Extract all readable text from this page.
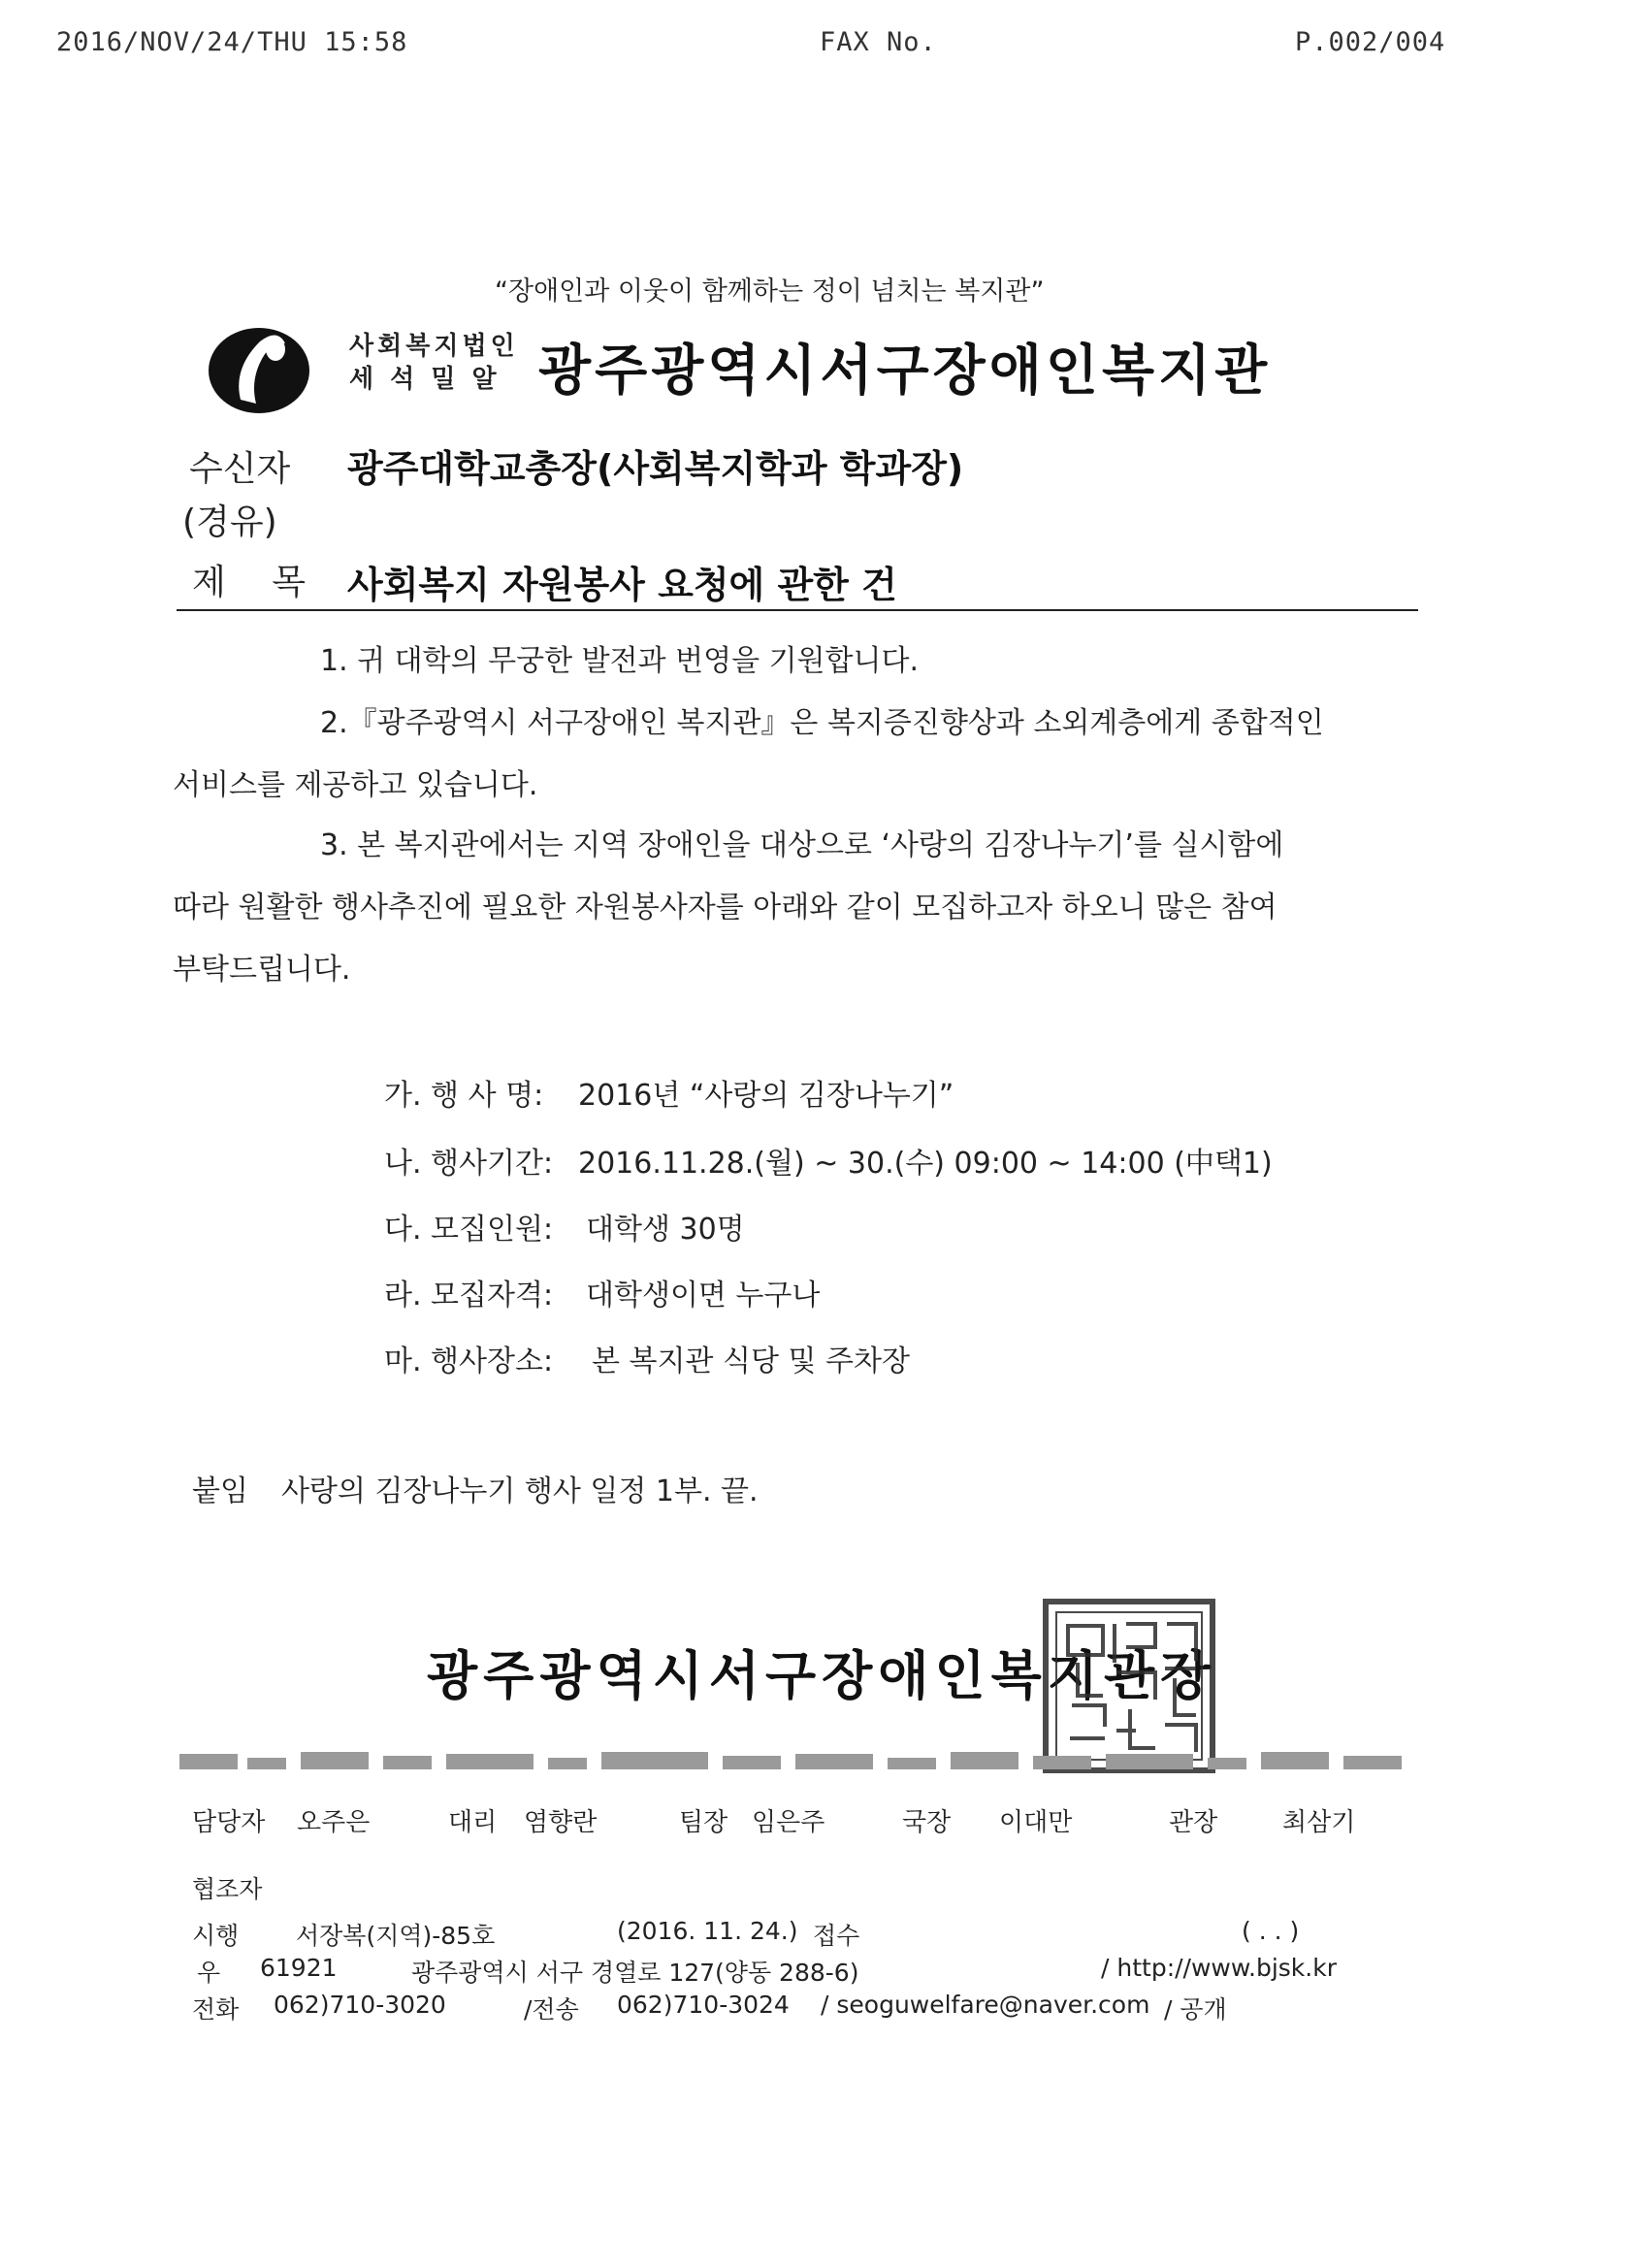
2016/NOV/24/THU 15:58	FAX No.	P.002/004
“장애인과 이웃이 함께하는 정이 넘치는 복지관”
사회복지법인
세 석 밀 알 광주광역시서구장애인복지관
수신자
(경유)
광주대학교총장(사회복지학과 학과장)
제 목 사회복지 자원봉사 요청에 관한 건
1. 귀 대학의 무궁한 발전과 번영을 기원합니다.
2.『광주광역시 서구장애인 복지관』은 복지증진향상과 소외계층에게 종합적인
서비스를 제공하고 있습니다.
3. 본 복지관에서는 지역 장애인을 대상으로 ‘사랑의 김장나누기’를 실시함에
따라 원활한 행사추진에 필요한 자원봉사자를 아래와 같이 모집하고자 하오니 많은 참여
부탁드립니다.
가. 행 사 명: 2016년 “사랑의 김장나누기”
나. 행사기간: 2016.11.28.(월) ~ 30.(수) 09:00 ~ 14:00 (中택1)
다. 모집인원: 대학생 30명
라. 모집자격: 대학생이면 누구나
마. 행사장소: 본 복지관 식당 및 주차장
붙임 사랑의 김장나누기 행사 일정 1부. 끝.
광주광역시서구장애인복지관장
담당자 오주은	대리 염향란	팀장 임은주	국장 이대만	관장	최삼기
협조자
시행 서장복(지역)-85호	(2016. 11. 24.) 접수	( . . )
우 61921	광주광역시 서구 경열로 127(양동 288-6)	/ http://www.bjsk.kr
전화 062)710-3020	/전송 062)710-3024 / seoguwelfare@naver.com / 공개
